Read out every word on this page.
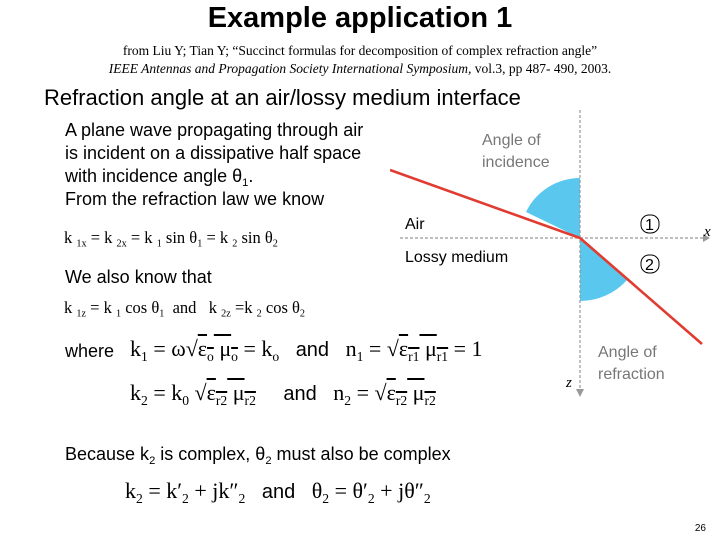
Example application 1
from Liu Y; Tian Y; “Succinct formulas for decomposition of complex refraction angle”
IEEE Antennas and Propagation Society International Symposium, vol.3, pp 487- 490, 2003.
Refraction angle at an air/lossy medium interface
A plane wave propagating through air
is incident on a dissipative half space
with incidence angle $\theta_1$.
From the refraction law we know
k $_{1x}$ = k $_{2x}$ = k $_1$ $\sin \theta_1 = k$ $_2$ $\sin \theta_2$
We also know that
k $_{1z}$ = k $_1$ $\cos \theta_1$  and   k $_{2z}$ =k $_2$ $\cos \theta_2$
where $k_1 = \omega√\varepsilon_o$ $\mu_o = k_o$ and   $n_1 = √\varepsilon_{r1}$ $\mu_{r1} = 1$
$k_2 = k_0$ $√\varepsilon_{r2}$ $\mu_{r2}$ and   $n_2 = √\varepsilon_{r2}$ $\mu_{r2}$
Because $k_2$ is complex, $\theta_2$ must also be complex
$k_2 = k'_2 + jk''_2$ and   $\theta_2 = \theta'_2 + j\theta''_2$
Angle of
incidence
Air
Lossy medium
1
2
x
z
Angle of
refraction
26
